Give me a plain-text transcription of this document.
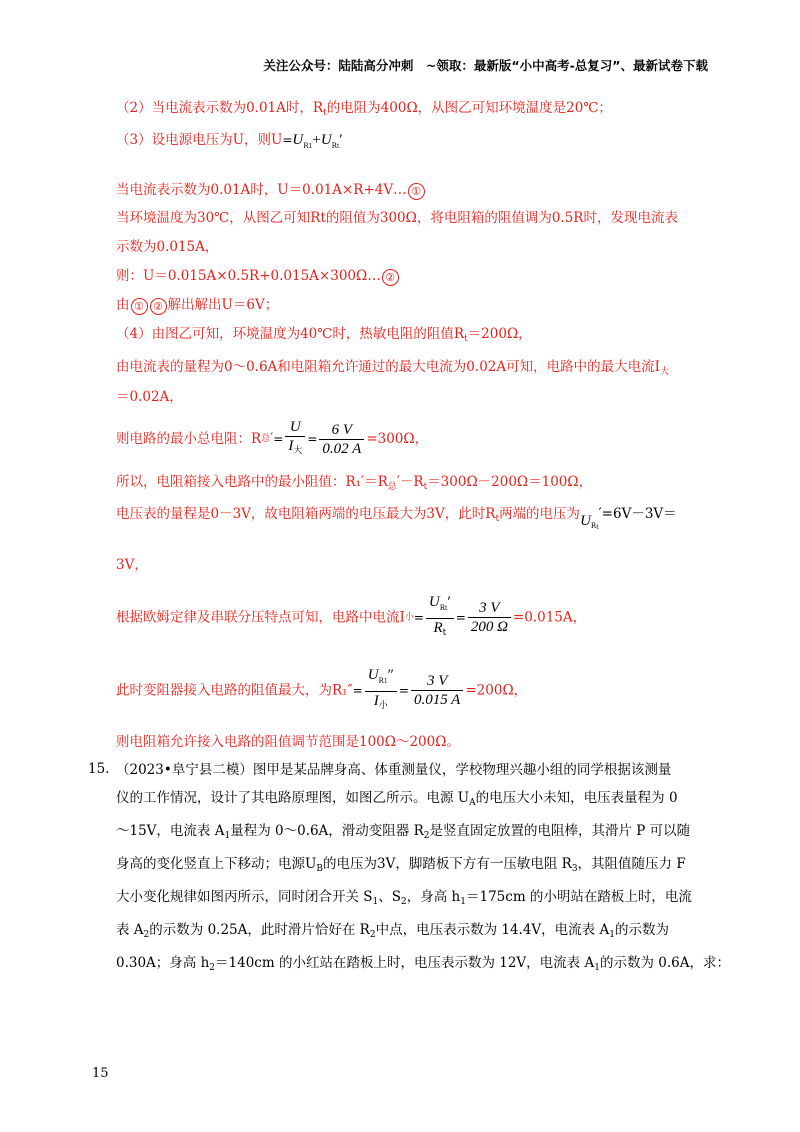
关注公众号：陆陆高分冲刺　~领取：最新版“小中高考-总复习”、最新试卷下载
（2）当电流表示数为0.01A时，$R_t$的电阻为400Ω，从图乙可知环境温度是20℃；
（3）设电源电压为U，则$U=U_{R1}+U_{Rt}'$
当电流表示数为0.01A时，U＝0.01A×R+4V… ①
当环境温度为30℃，从图乙可知Rt的阻值为300Ω，将电阻箱的阻值调为0.5R时，发现电流表
示数为0.015A，
则：U＝0.015A×0.5R+0.015A×300Ω… ②
由 ① ② 解出解出U＝6V；
（4）由图乙可知，环境温度为40℃时，热敏电阻的阻值$R_t=200\Omega$，
由电流表的量程为0～0.6A和电阻箱允许通过的最大电流为0.02A可知，电路中的最大电流$I_大$
＝0.02A，
则电路的最小总电阻：R总′= $\frac{U}{I_大} = \frac{6 V}{0.02 A} =300\Omega$，
所以，电阻箱接入电路中的最小阻值：$R_1'=R_总'-R_t=300\Omega-200\Omega=100\Omega$，
电压表的量程是0－3V，故电阻箱两端的电压最大为3V，此时$R_t$两端的电压为$U_{Rt}'=6V-3V=$
3V，
根据欧姆定律及串联分压特点可知，电路中电流I小= $\frac{U_{Rt}'}{R_t} = \frac{3 V}{200 \Omega} =0.015A$，
此时变阻器接入电路的阻值最大，为$R_1''= \frac{U_{R1}''}{I_小} = \frac{3 V}{0.015 A} =200\Omega$，
则电阻箱允许接入电路的阻值调节范围是100Ω～200Ω。
15. （2023•阜宁县二模）图甲是某品牌身高、体重测量仪，学校物理兴趣小组的同学根据该测量
仪的工作情况，设计了其电路原理图，如图乙所示。电源 $U_A$的电压大小未知，电压表量程为 0
～15V，电流表 $A_1$量程为 0～0.6A，滑动变阻器 $R_2$是竖直固定放置的电阻棒，其滑片 P 可以随
身高的变化竖直上下移动；电源$U_B$的电压为3V，脚踏板下方有一压敏电阻 $R_3$，其阻值随压力 F
大小变化规律如图丙所示，同时闭合开关 $S_1$、$S_2$，身高 $h_1=175cm$ 的小明站在踏板上时，电流
表 $A_2$的示数为 0.25A，此时滑片恰好在 $R_2$中点，电压表示数为 14.4V，电流表 $A_1$的示数为
0.30A；身高 $h_2=140cm$ 的小红站在踏板上时，电压表示数为 12V，电流表 $A_1$的示数为 0.6A，求：
15
